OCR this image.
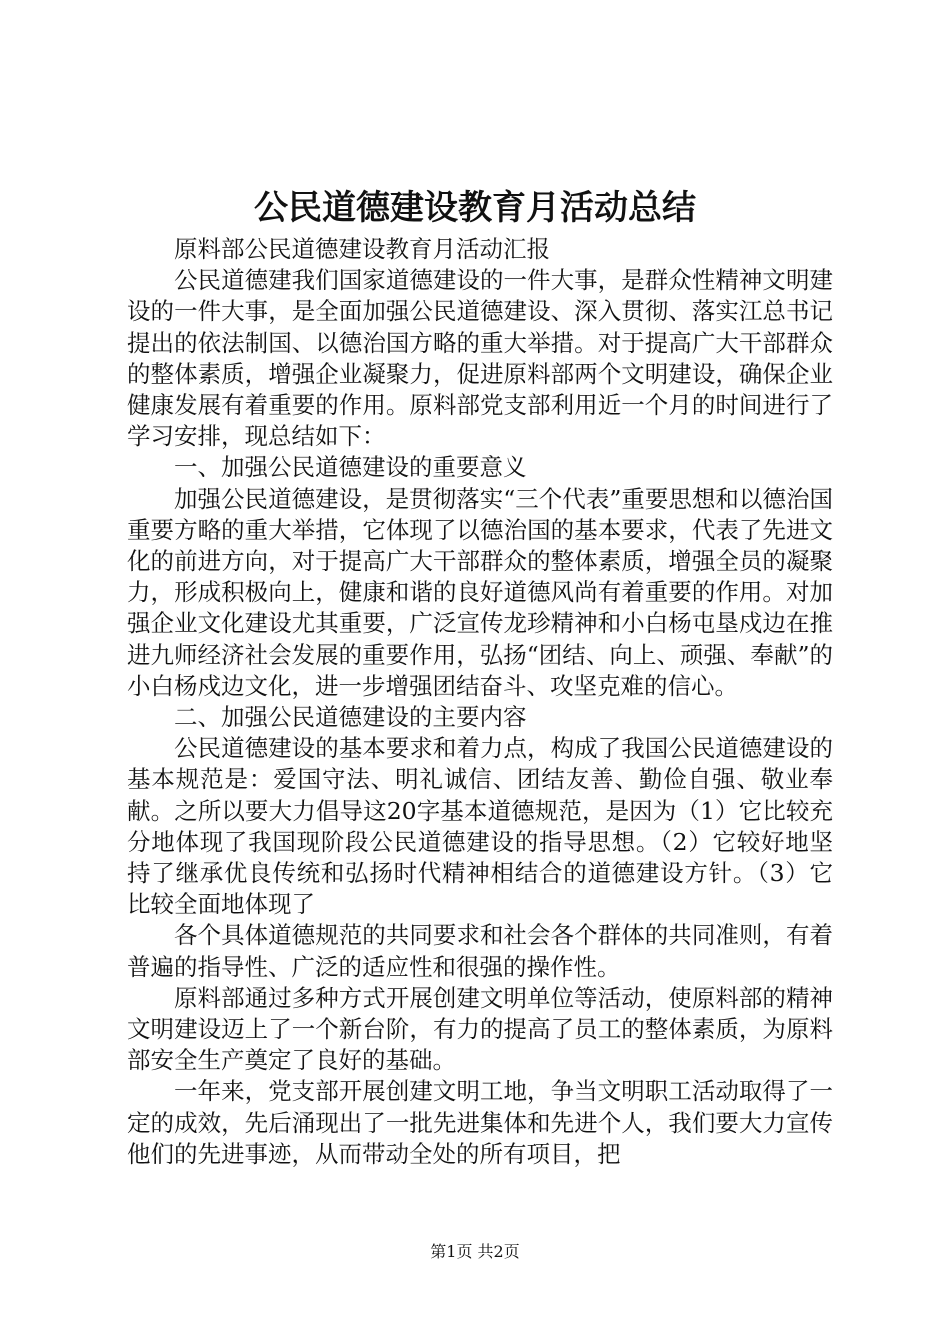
公民道德建设教育月活动总结

原料部公民道德建设教育月活动汇报

公民道德建我们国家道德建设的一件大事，是群众性精神文明建设的一件大事，是全面加强公民道德建设、深入贯彻、落实江总书记提出的依法制国、以德治国方略的重大举措。对于提高广大干部群众的整体素质，增强企业凝聚力，促进原料部两个文明建设，确保企业健康发展有着重要的作用。原料部党支部利用近一个月的时间进行了学习安排，现总结如下：

一、加强公民道德建设的重要意义

加强公民道德建设，是贯彻落实“三个代表”重要思想和以德治国重要方略的重大举措，它体现了以德治国的基本要求，代表了先进文化的前进方向，对于提高广大干部群众的整体素质，增强全员的凝聚力，形成积极向上，健康和谐的良好道德风尚有着重要的作用。对加强企业文化建设尤其重要，广泛宣传龙珍精神和小白杨屯垦戍边在推进九师经济社会发展的重要作用，弘扬“团结、向上、顽强、奉献”的小白杨戍边文化，进一步增强团结奋斗、攻坚克难的信心。

二、加强公民道德建设的主要内容

公民道德建设的基本要求和着力点，构成了我国公民道德建设的基本规范是：爱国守法、明礼诚信、团结友善、勤俭自强、敬业奉献。之所以要大力倡导这20字基本道德规范，是因为（1）它比较充分地体现了我国现阶段公民道德建设的指导思想。（2）它较好地坚持了继承优良传统和弘扬时代精神相结合的道德建设方针。（3）它比较全面地体现了

各个具体道德规范的共同要求和社会各个群体的共同准则，有着普遍的指导性、广泛的适应性和很强的操作性。

原料部通过多种方式开展创建文明单位等活动，使原料部的精神文明建设迈上了一个新台阶，有力的提高了员工的整体素质，为原料部安全生产奠定了良好的基础。

一年来，党支部开展创建文明工地，争当文明职工活动取得了一定的成效，先后涌现出了一批先进集体和先进个人，我们要大力宣传他们的先进事迹，从而带动全处的所有项目，把

第1页 共2页
